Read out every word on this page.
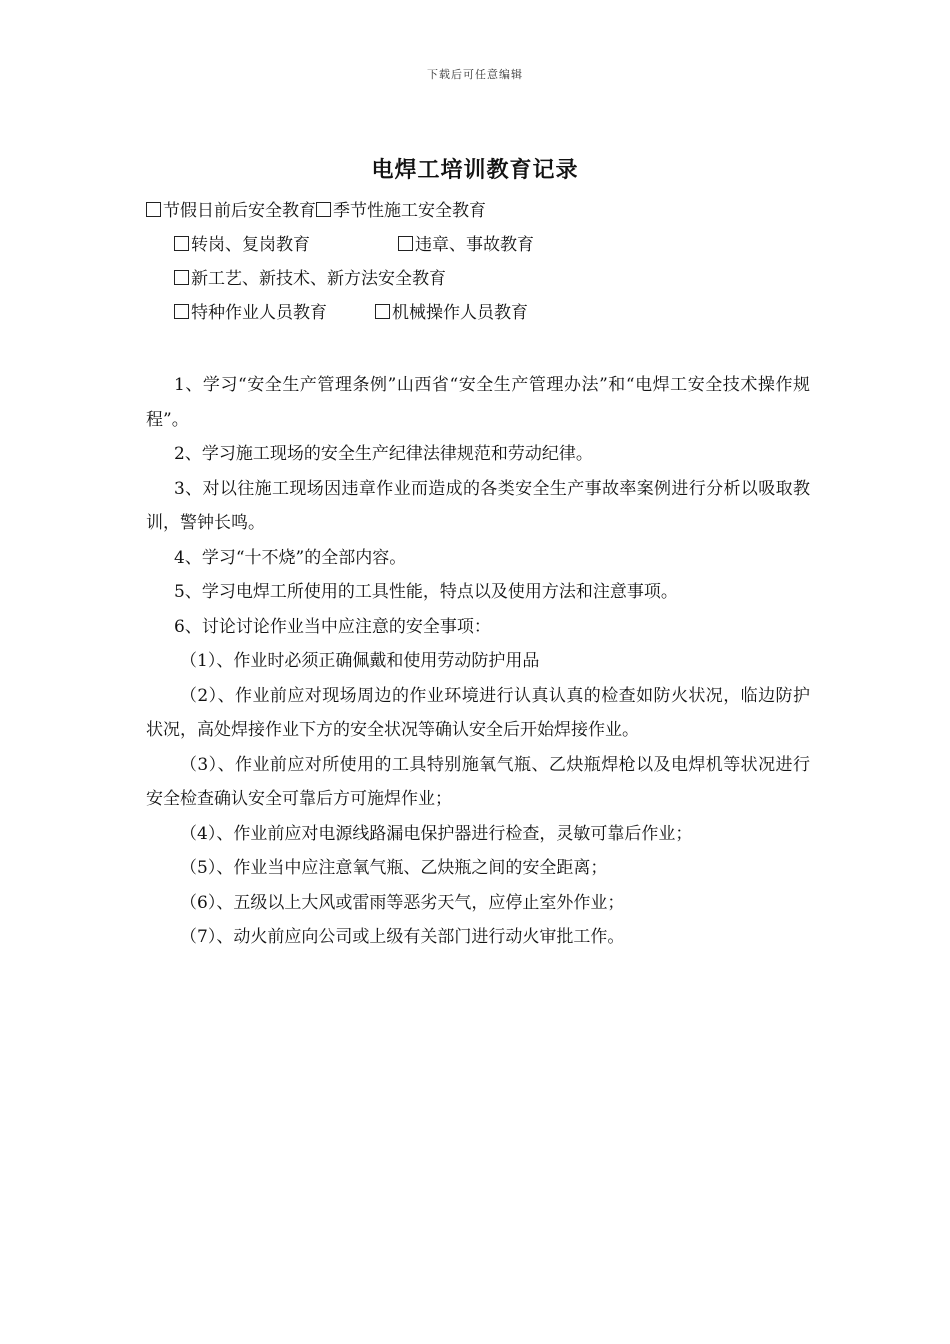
下载后可任意编辑
电焊工培训教育记录
节假日前后安全教育 季节性施工安全教育
转岗、复岗教育	违章、事故教育
新工艺、新技术、新方法安全教育
特种作业人员教育	机械操作人员教育

1、学习“安全生产管理条例”山西省“安全生产管理办法”和“电焊工安全技术操作规程”。

2、学习施工现场的安全生产纪律法律规范和劳动纪律。

3、对以往施工现场因违章作业而造成的各类安全生产事故率案例进行分析以吸取教训，警钟长鸣。

4、学习“十不烧”的全部内容。

5、学习电焊工所使用的工具性能，特点以及使用方法和注意事项。

6、讨论讨论作业当中应注意的安全事项：

（1）、作业时必须正确佩戴和使用劳动防护用品

（2）、作业前应对现场周边的作业环境进行认真认真的检查如防火状况，临边防护状况，高处焊接作业下方的安全状况等确认安全后开始焊接作业。

（3）、作业前应对所使用的工具特别施氧气瓶、乙炔瓶焊枪以及电焊机等状况进行安全检查确认安全可靠后方可施焊作业；

（4）、作业前应对电源线路漏电保护器进行检查，灵敏可靠后作业；

（5）、作业当中应注意氧气瓶、乙炔瓶之间的安全距离；

（6）、五级以上大风或雷雨等恶劣天气，应停止室外作业；

（7）、动火前应向公司或上级有关部门进行动火审批工作。
